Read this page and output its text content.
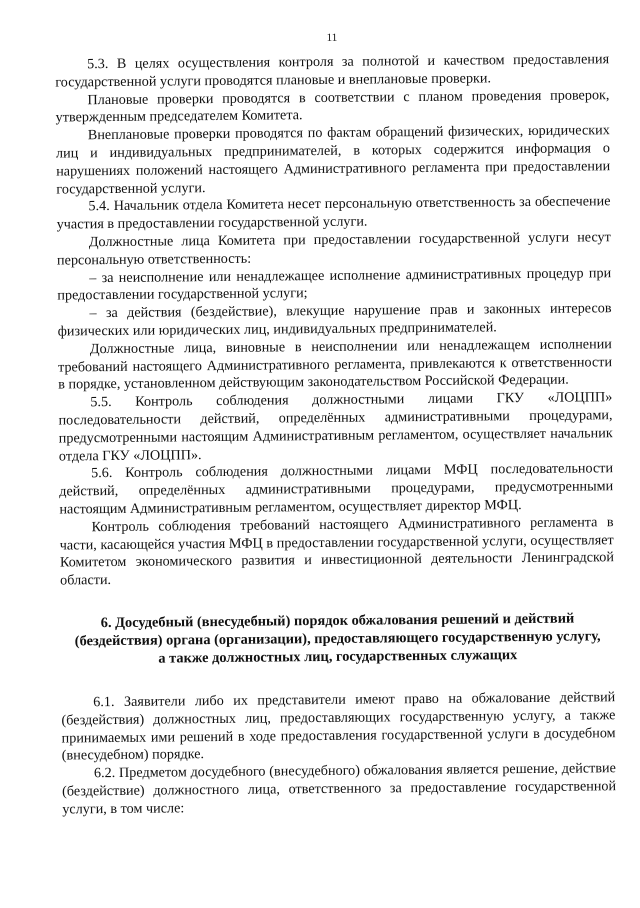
11

5.3. В целях осуществления контроля за полнотой и качеством предоставления государственной услуги проводятся плановые и внеплановые проверки.

Плановые проверки проводятся в соответствии с планом проведения проверок, утвержденным председателем Комитета.

Внеплановые проверки проводятся по фактам обращений физических, юридических лиц и индивидуальных предпринимателей, в которых содержится информация о нарушениях положений настоящего Административного регламента при предоставлении государственной услуги.

5.4. Начальник отдела Комитета несет персональную ответственность за обеспечение участия в предоставлении государственной услуги.

Должностные лица Комитета при предоставлении государственной услуги несут персональную ответственность:

– за неисполнение или ненадлежащее исполнение административных процедур при предоставлении государственной услуги;

– за действия (бездействие), влекущие нарушение прав и законных интересов физических или юридических лиц, индивидуальных предпринимателей.

Должностные лица, виновные в неисполнении или ненадлежащем исполнении требований настоящего Административного регламента, привлекаются к ответственности в порядке, установленном действующим законодательством Российской Федерации.

5.5. Контроль соблюдения должностными лицами ГКУ «ЛОЦПП» последовательности действий, определённых административными процедурами, предусмотренными настоящим Административным регламентом, осуществляет начальник отдела ГКУ «ЛОЦПП».

5.6. Контроль соблюдения должностными лицами МФЦ последовательности действий, определённых административными процедурами, предусмотренными настоящим Административным регламентом, осуществляет директор МФЦ.

Контроль соблюдения требований настоящего Административного регламента в части, касающейся участия МФЦ в предоставлении государственной услуги, осуществляет Комитетом экономического развития и инвестиционной деятельности Ленинградской области.

6. Досудебный (внесудебный) порядок обжалования решений и действий (бездействия) органа (организации), предоставляющего государственную услугу, а также должностных лиц, государственных служащих

6.1. Заявители либо их представители имеют право на обжалование действий (бездействия) должностных лиц, предоставляющих государственную услугу, а также принимаемых ими решений в ходе предоставления государственной услуги в досудебном (внесудебном) порядке.

6.2. Предметом досудебного (внесудебного) обжалования является решение, действие (бездействие) должностного лица, ответственного за предоставление государственной услуги, в том числе:
